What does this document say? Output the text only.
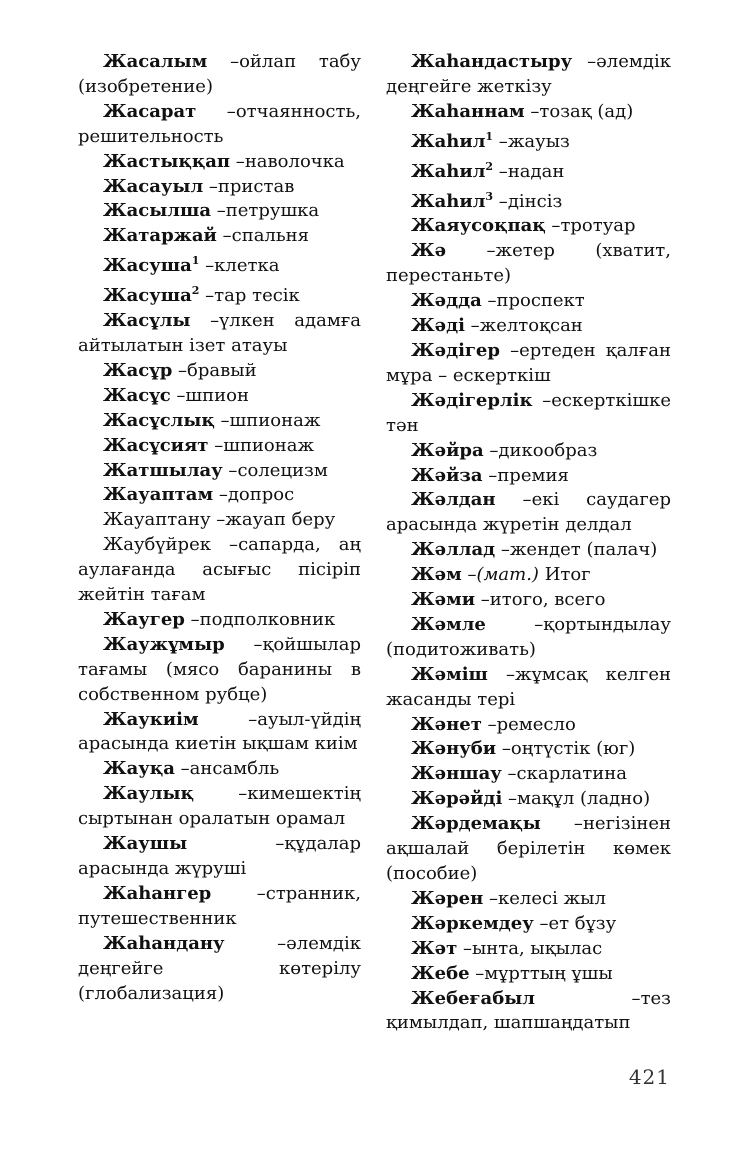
Жасалым – ойлап табу (изобретение)

Жасарат – отчаянность, решительность

Жастыққап – наволочка

Жасауыл – пристав

Жасылша – петрушка

Жатаржай – спальня

Жасуша$^1$ – клетка

Жасуша$^2$ – тар тесік

Жасұлы – үлкен адамға айтылатын ізет атауы

Жасұр – бравый

Жасұс – шпион

Жасұслық – шпионаж

Жасұсият – шпионаж

Жатшылау – солецизм

Жауаптам – допрос

Жауаптану – жауап беру

Жаубүйрек – сапарда, аң аулағанда асығыс пісіріп жейтін тағам

Жаугер – подполковник

Жаужұмыр – қойшылар тағамы (мясо баранины в собственном рубце)

Жаукиім –	ауыл-үйдің арасында киетін ықшам киім

Жауқа – ансамбль

Жаулық –	кимешектің сыртынан оралатын орамал

Жаушы –	құдалар арасында жүруші

Жаһангер –	странник, путешественник

Жаһандану –	әлемдік деңгейге көтерілу (глобализация)

Жаһандастыру – әлемдік деңгейге жеткізу

Жаһаннам – тозақ (ад)

Жаһил$^1$ – жауыз

Жаһил$^2$ – надан

Жаһил$^3$ – дінсіз

Жаяусоқпақ – тротуар

Жә –	жетер (хватит, перестаньте)

Жәдда – проспект

Жәді – желтоқсан

Жәдігер – ертеден қалған мұра – ескерткіш

Жәдігерлік – ескерткішке тән

Жәйра – дикообраз

Жәйза – премия

Жәлдан – екі саудагер арасында жүретін делдал

Жәллад – жендет (палач)

Жәм – (мат.) Итог

Жәми – итого, всего

Жәмле –	қортындылау (подитоживать)

Жәміш – жұмсақ келген жасанды тері

Жәнет – ремесло

Жәнуби – оңтүстік (юг)

Жәншау – скарлатина

Жәрәйді – мақұл (ладно)

Жәрдемақы – негізінен ақшалай берілетін көмек (пособие)

Жәрен – келесі жыл

Жәркемдеу – ет бұзу

Жәт – ынта, ықылас

Жебе – мұрттың ұшы

Жебеғабыл –	тез қимылдап, шапшаңдатып

421
